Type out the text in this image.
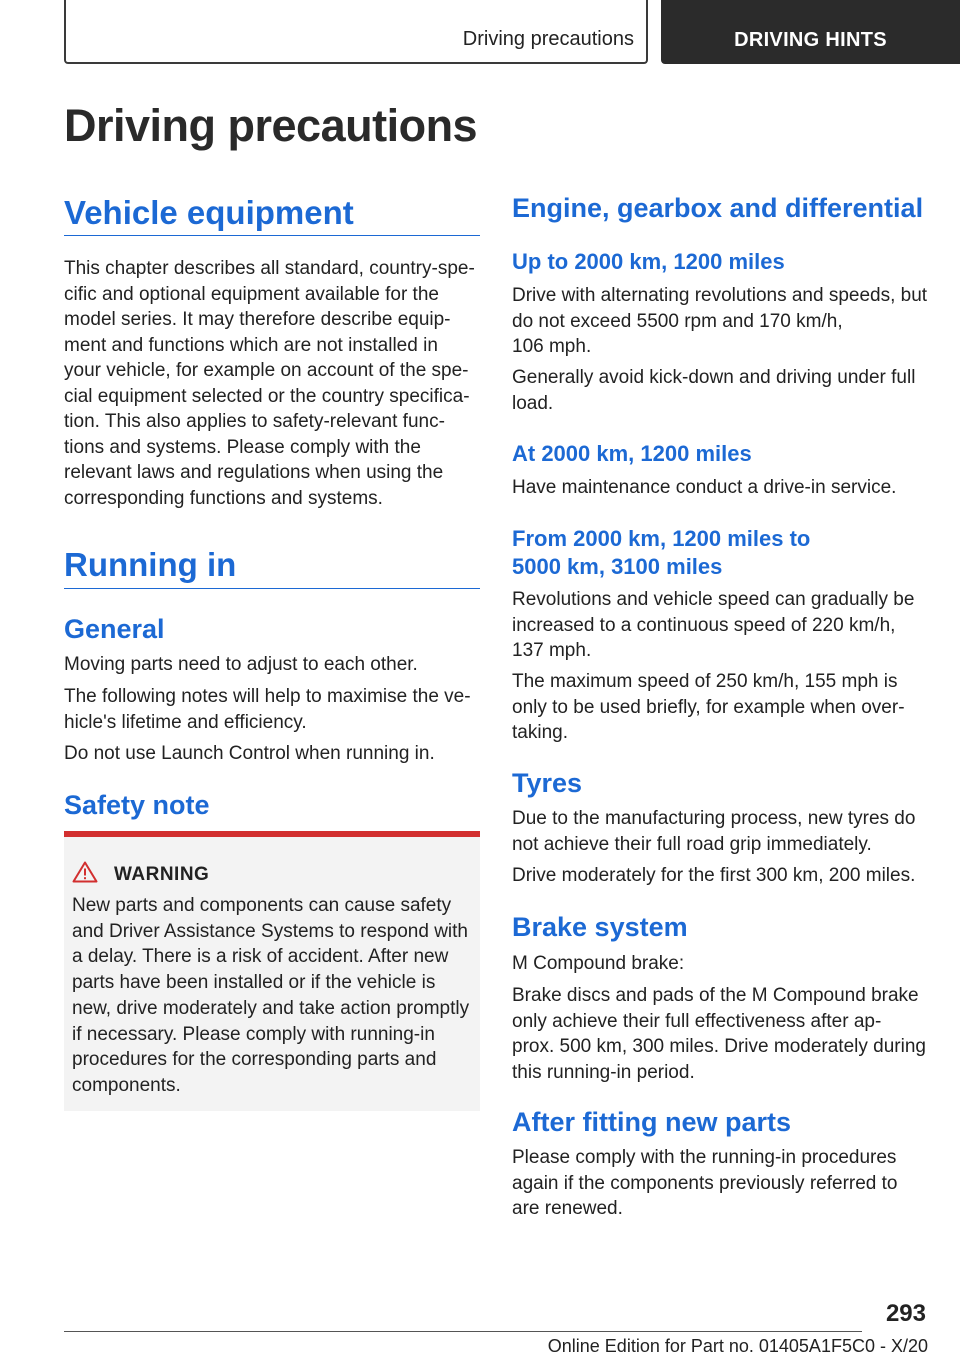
Driving precautions	DRIVING HINTS
Driving precautions
Vehicle equipment

This chapter describes all standard, country-spe-
cific and optional equipment available for the
model series. It may therefore describe equip-
ment and functions which are not installed in
your vehicle, for example on account of the spe-
cial equipment selected or the country specifica-
tion. This also applies to safety-relevant func-
tions and systems. Please comply with the
relevant laws and regulations when using the
corresponding functions and systems.

Running in
General

Moving parts need to adjust to each other.

The following notes will help to maximise the ve-
hicle's lifetime and efficiency.

Do not use Launch Control when running in.

Safety note
WARNING

New parts and components can cause safety
and Driver Assistance Systems to respond with
a delay. There is a risk of accident. After new
parts have been installed or if the vehicle is
new, drive moderately and take action promptly
if necessary. Please comply with running-in
procedures for the corresponding parts and
components.

Engine, gearbox and differential
Up to 2000 km, 1200 miles

Drive with alternating revolutions and speeds, but
do not exceed 5500 rpm and 170 km/h,
106 mph.

Generally avoid kick-down and driving under full
load.

At 2000 km, 1200 miles

Have maintenance conduct a drive-in service.

From 2000 km, 1200 miles to
5000 km, 3100 miles

Revolutions and vehicle speed can gradually be
increased to a continuous speed of 220 km/h,
137 mph.

The maximum speed of 250 km/h, 155 mph is
only to be used briefly, for example when over-
taking.

Tyres

Due to the manufacturing process, new tyres do
not achieve their full road grip immediately.

Drive moderately for the first 300 km, 200 miles.

Brake system

M Compound brake:

Brake discs and pads of the M Compound brake
only achieve their full effectiveness after ap-
prox. 500 km, 300 miles. Drive moderately during
this running-in period.

After fitting new parts

Please comply with the running-in procedures
again if the components previously referred to
are renewed.

293
Online Edition for Part no. 01405A1F5C0 - X/20
